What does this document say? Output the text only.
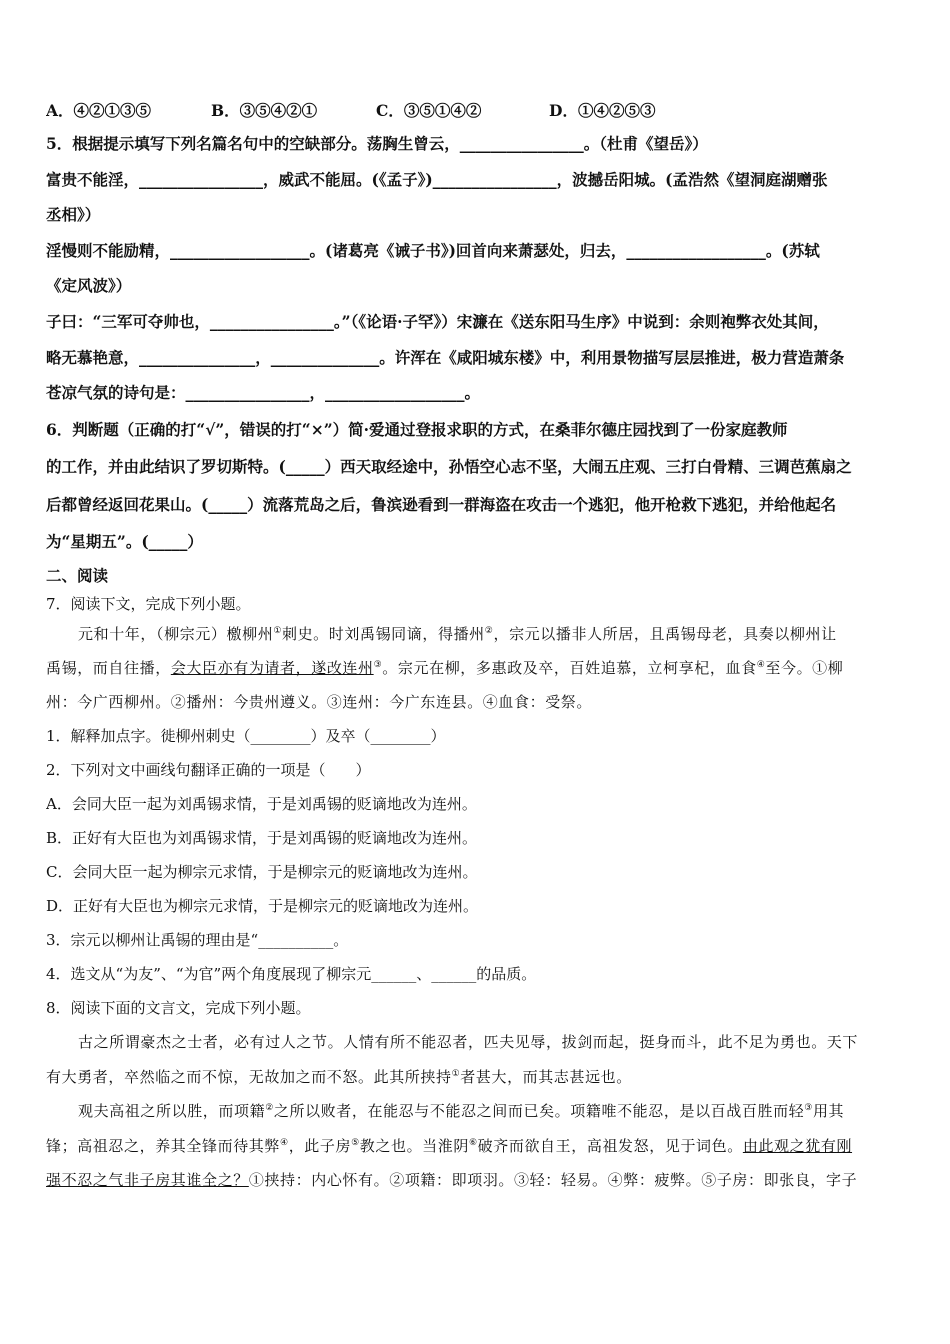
A．④②①③⑤	B．③⑤④②①	C．③⑤①④②	D．①④②⑤③
5．根据提示填写下列名篇名句中的空缺部分。荡胸生曾云，________________。（杜甫《望岳》）
富贵不能淫，________________，威武不能屈。(《孟子》)________________，波撼岳阳城。(孟浩然《望洞庭湖赠张
丞相》）
淫慢则不能励精，__________________。(诸葛亮《诫子书》)回首向来萧瑟处，归去，__________________。(苏轼
《定风波》）
子曰：“三军可夺帅也，________________。”（《论语·子罕》）宋濂在《送东阳马生序》中说到：余则袍弊衣处其间，
略无慕艳意，_______________，______________。许浑在《咸阳城东楼》中，利用景物描写层层推进，极力营造萧条
苍凉气氛的诗句是：________________，__________________。
6．判断题（正确的打“√”，错误的打“×”）简·爱通过登报求职的方式，在桑菲尔德庄园找到了一份家庭教师
的工作，并由此结识了罗切斯特。(_____）西天取经途中，孙悟空心志不坚，大闹五庄观、三打白骨精、三调芭蕉扇之
后都曾经返回花果山。(_____）流落荒岛之后，鲁滨逊看到一群海盗在攻击一个逃犯，他开枪救下逃犯，并给他起名
为“星期五”。(_____）
二、阅读
7．阅读下文，完成下列小题。
元和十年，（柳宗元）檄柳州①刺史。时刘禹锡同谪，得播州②，宗元以播非人所居，且禹锡母老，具奏以柳州让
禹锡，而自往播，会大臣亦有为请者，遂改连州③。宗元在柳，多惠政及卒，百姓追慕，立柯享杞，血食④至今。①柳
州：今广西柳州。②播州：今贵州遵义。③连州：今广东连县。④血食：受祭。
1．解释加点字。徙柳州刺史（________）及卒（________）
2．下列对文中画线句翻译正确的一项是（　　）
A．会同大臣一起为刘禹锡求情，于是刘禹锡的贬谪地改为连州。
B．正好有大臣也为刘禹锡求情，于是刘禹锡的贬谪地改为连州。
C．会同大臣一起为柳宗元求情，于是柳宗元的贬谪地改为连州。
D．正好有大臣也为柳宗元求情，于是柳宗元的贬谪地改为连州。
3．宗元以柳州让禹锡的理由是“__________。
4．选文从“为友”、“为官”两个角度展现了柳宗元______、______的品质。
8．阅读下面的文言文，完成下列小题。
古之所谓豪杰之士者，必有过人之节。人情有所不能忍者，匹夫见辱，拔剑而起，挺身而斗，此不足为勇也。天下
有大勇者，卒然临之而不惊，无故加之而不怒。此其所挟持①者甚大，而其志甚远也。
观夫高祖之所以胜，而项籍②之所以败者，在能忍与不能忍之间而已矣。项籍唯不能忍，是以百战百胜而轻③用其
锋；高祖忍之，养其全锋而待其弊④，此子房⑤教之也。当淮阴⑥破齐而欲自王，高祖发怒，见于词色。由此观之犹有刚
强不忍之气非子房其谁全之？①挟持：内心怀有。②项籍：即项羽。③轻：轻易。④弊：疲弊。⑤子房：即张良，字子
